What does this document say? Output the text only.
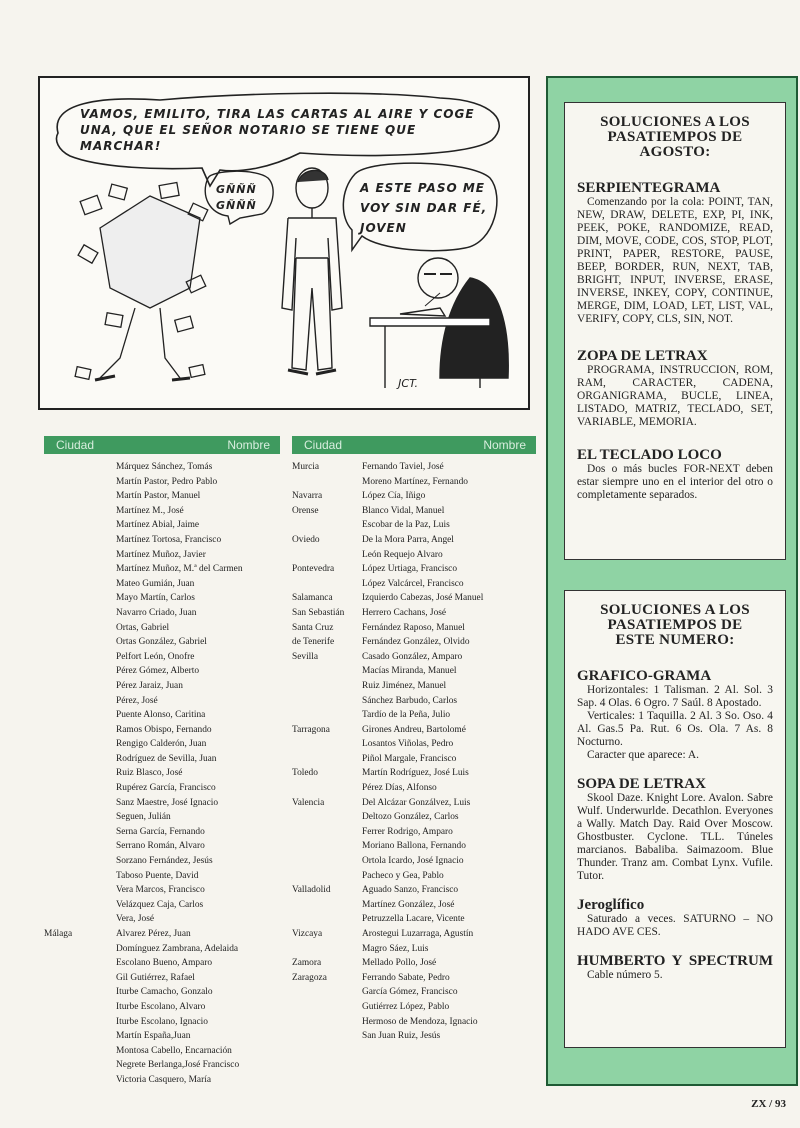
VAMOS, EMILITO, TIRA LAS CARTAS AL AIRE Y COGE UNA, QUE EL SEÑOR NOTARIO SE TIENE QUE MARCHAR!
GÑÑÑ GÑÑÑ
A ESTE PASO ME VOY SIN DAR FÉ, JOVEN
JCT.
Ciudad	Nombre
Márquez Sánchez, Tomás
Martín Pastor, Pedro Pablo
Martín Pastor, Manuel
Martínez M., José
Martínez Abial, Jaime
Martínez Tortosa, Francisco
Martínez Muñoz, Javier
Martínez Muñoz, M.ª del Carmen
Mateo Gumián, Juan
Mayo Martín, Carlos
Navarro Criado, Juan
Ortas, Gabriel
Ortas González, Gabriel
Pelfort León, Onofre
Pérez Gómez, Alberto
Pérez Jaraiz, Juan
Pérez, José
Puente Alonso, Caritina
Ramos Obispo, Fernando
Rengigo Calderón, Juan
Rodríguez de Sevilla, Juan
Ruiz Blasco, José
Rupérez García, Francisco
Sanz Maestre, José Ignacio
Seguen, Julián
Serna García, Fernando
Serrano Román, Alvaro
Sorzano Fernández, Jesús
Taboso Puente, David
Vera Marcos, Francisco
Velázquez Caja, Carlos
Vera, José
Málaga	Alvarez Pérez, Juan
Domínguez Zambrana, Adelaida
Escolano Bueno, Amparo
Gil Gutiérrez, Rafael
Iturbe Camacho, Gonzalo
Iturbe Escolano, Alvaro
Iturbe Escolano, Ignacio
Martín España,Juan
Montosa Cabello, Encarnación
Negrete Berlanga,José Francisco
Victoria Casquero, María
Ciudad	Nombre
Murcia	Fernando Taviel, José
Moreno Martínez, Fernando
Navarra	López Cía, Iñigo
Orense	Blanco Vidal, Manuel
Escobar de la Paz, Luis
Oviedo	De la Mora Parra, Angel
León Requejo Alvaro
Pontevedra	López Urtiaga, Francisco
López Valcárcel, Francisco
Salamanca	Izquierdo Cabezas, José Manuel
San Sebastián	Herrero Cachans, José
Santa Cruz	Fernández Raposo, Manuel
de Tenerife	Fernández González, Olvido
Sevilla	Casado González, Amparo
Macías Miranda, Manuel
Ruiz Jiménez, Manuel
Sánchez Barbudo, Carlos
Tardío de la Peña, Julio
Tarragona	Girones Andreu, Bartolomé
Losantos Viñolas, Pedro
Piñol Margale, Francisco
Toledo	Martín Rodríguez, José Luis
Pérez Días, Alfonso
Valencia	Del Alcázar Gonzálvez, Luis
Deltozo González, Carlos
Ferrer Rodrigo, Amparo
Moriano Ballona, Fernando
Ortola Icardo, José Ignacio
Pacheco y Gea, Pablo
Valladolid	Aguado Sanzo, Francisco
Martínez González, José
Petruzzella Lacare, Vicente
Vizcaya	Arostegui Luzarraga, Agustín
Magro Sáez, Luis
Zamora	Mellado Pollo, José
Zaragoza	Ferrando Sabate, Pedro
García Gómez, Francisco
Gutiérrez López, Pablo
Hermoso de Mendoza, Ignacio
San Juan Ruiz, Jesús
SOLUCIONES A LOS PASATIEMPOS DE AGOSTO:
SERPIENTEGRAMA
Comenzando por la cola: POINT, TAN, NEW, DRAW, DELETE, EXP, PI, INK, PEEK, POKE, RANDOMIZE, READ, DIM, MOVE, CODE, COS, STOP, PLOT, PRINT, PAPER, RESTORE, PAUSE, BEEP, BORDER, RUN, NEXT, TAB, BRIGHT, INPUT, INVERSE, ERASE, INVERSE, INKEY, COPY, CONTINUE, MERGE, DIM, LOAD, LET, LIST, VAL, VERIFY, COPY, CLS, SIN, NOT.
ZOPA DE LETRAX
PROGRAMA, INSTRUCCION, ROM, RAM, CARACTER, CADENA, ORGANIGRAMA, BUCLE, LINEA, LISTADO, MATRIZ, TECLADO, SET, VARIABLE, MEMORIA.
EL TECLADO LOCO
Dos o más bucles FOR-NEXT deben estar siempre uno en el interior del otro o completamente separados.
SOLUCIONES A LOS PASATIEMPOS DE ESTE NUMERO:
GRAFICO-GRAMA
Horizontales: 1 Talisman. 2 Al. Sol. 3 Sap. 4 Olas. 6 Ogro. 7 Saúl. 8 Apostado.
Verticales: 1 Taquilla. 2 Al. 3 So. Oso. 4 Al. Gas.5 Pa. Rut. 6 Os. Ola. 7 As. 8 Nocturno.
Caracter que aparece: A.
SOPA DE LETRAX
Skool Daze. Knight Lore. Avalon. Sabre Wulf. Underwurlde. Decathlon. Everyones a Wally. Match Day. Raid Over Moscow. Ghostbuster. Cyclone. TLL. Túneles marcianos. Babaliba. Saimazoom. Blue Thunder. Tranz am. Combat Lynx. Vufile. Tutor.
Jeroglífico
Saturado a veces. SATURNO – NO HADO AVE CES.
HUMBERTO Y SPECTRUM
Cable número 5.
ZX / 93
